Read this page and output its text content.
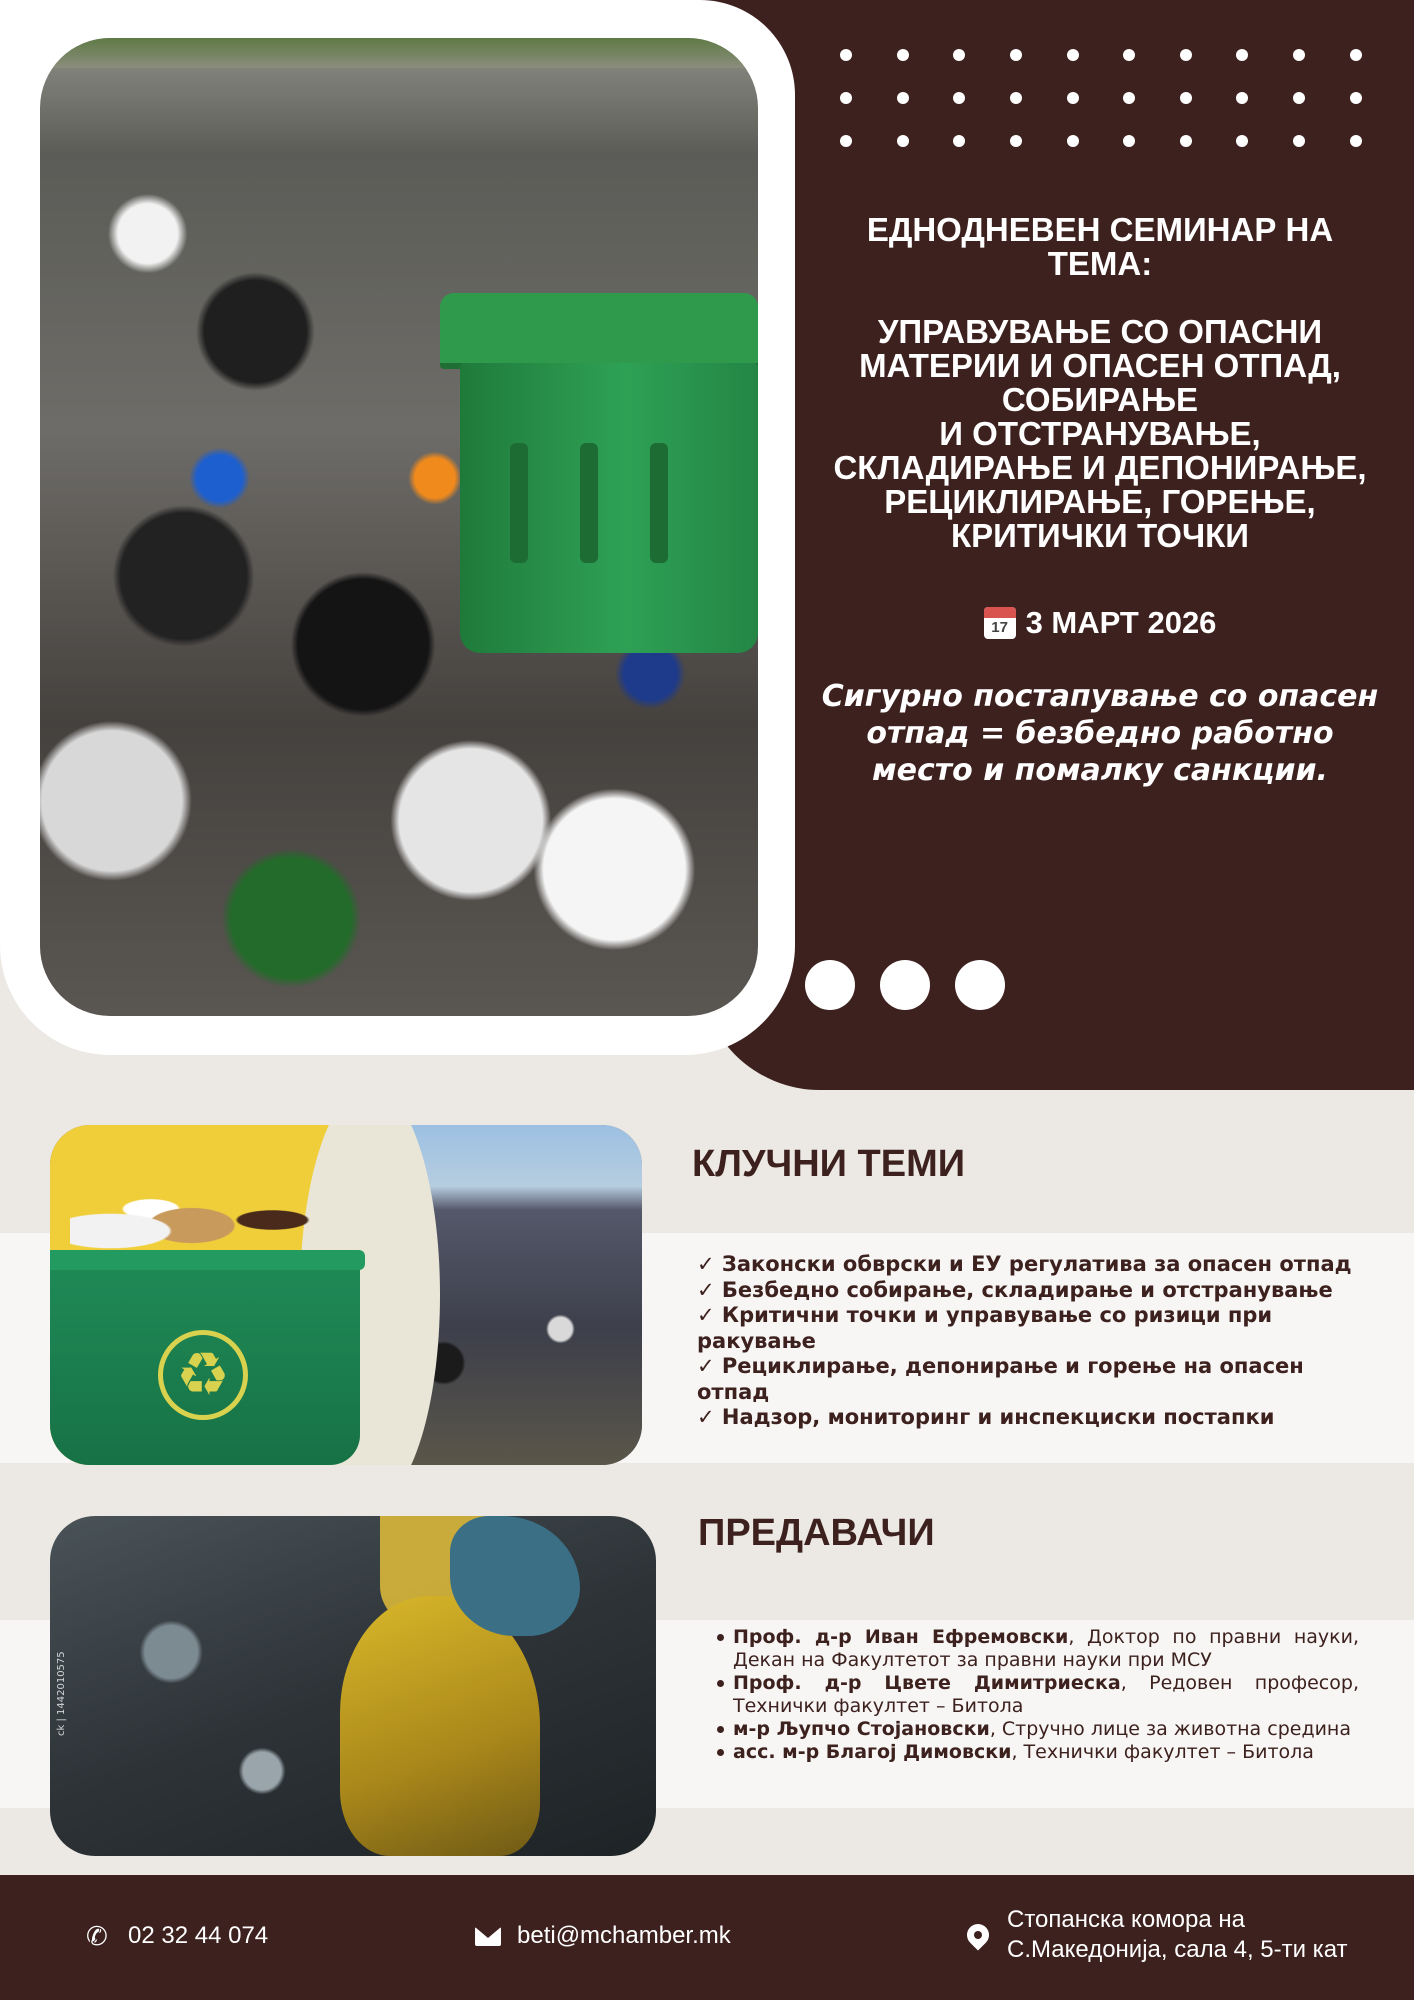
ЕДНОДНЕВЕН СЕМИНАР НА
ТЕМА:
УПРАВУВАЊЕ СО ОПАСНИ
МАТЕРИИ И ОПАСЕН ОТПАД,
СОБИРАЊЕ
И ОТСТРАНУВАЊЕ,
СКЛАДИРАЊЕ И ДЕПОНИРАЊЕ,
РЕЦИКЛИРАЊЕ, ГОРЕЊЕ,
КРИТИЧКИ ТОЧКИ
17 3 МАРТ 2026
Сигурно постапување со опасен
отпад = безбедно работно
место и помалку санкции.
♻
КЛУЧНИ ТЕМИ
✓ Законски обврски и ЕУ регулатива за опасен отпад
✓ Безбедно собирање, складирање и отстранување
✓ Критични точки и управување со ризици при ракување
✓ Рециклирање, депонирање и горење на опасен отпад
✓ Надзор, мониторинг и инспекциски постапки
ck | 1442010575
ПРЕДАВАЧИ
Проф. д-р Иван Ефремовски, Доктор по правни науки, Декан на Факултетот за правни науки при МСУ
Проф. д-р Цвете Димитриеска, Редовен професор, Технички факултет – Битола
м-р Љупчо Стојановски, Стручно лице за животна средина
асс. м-р Благој Димовски, Технички факултет – Битола
✆ 02 32 44 074	beti@mchamber.mk
Стопанска комора на
С.Македонија, сала 4, 5-ти кат
